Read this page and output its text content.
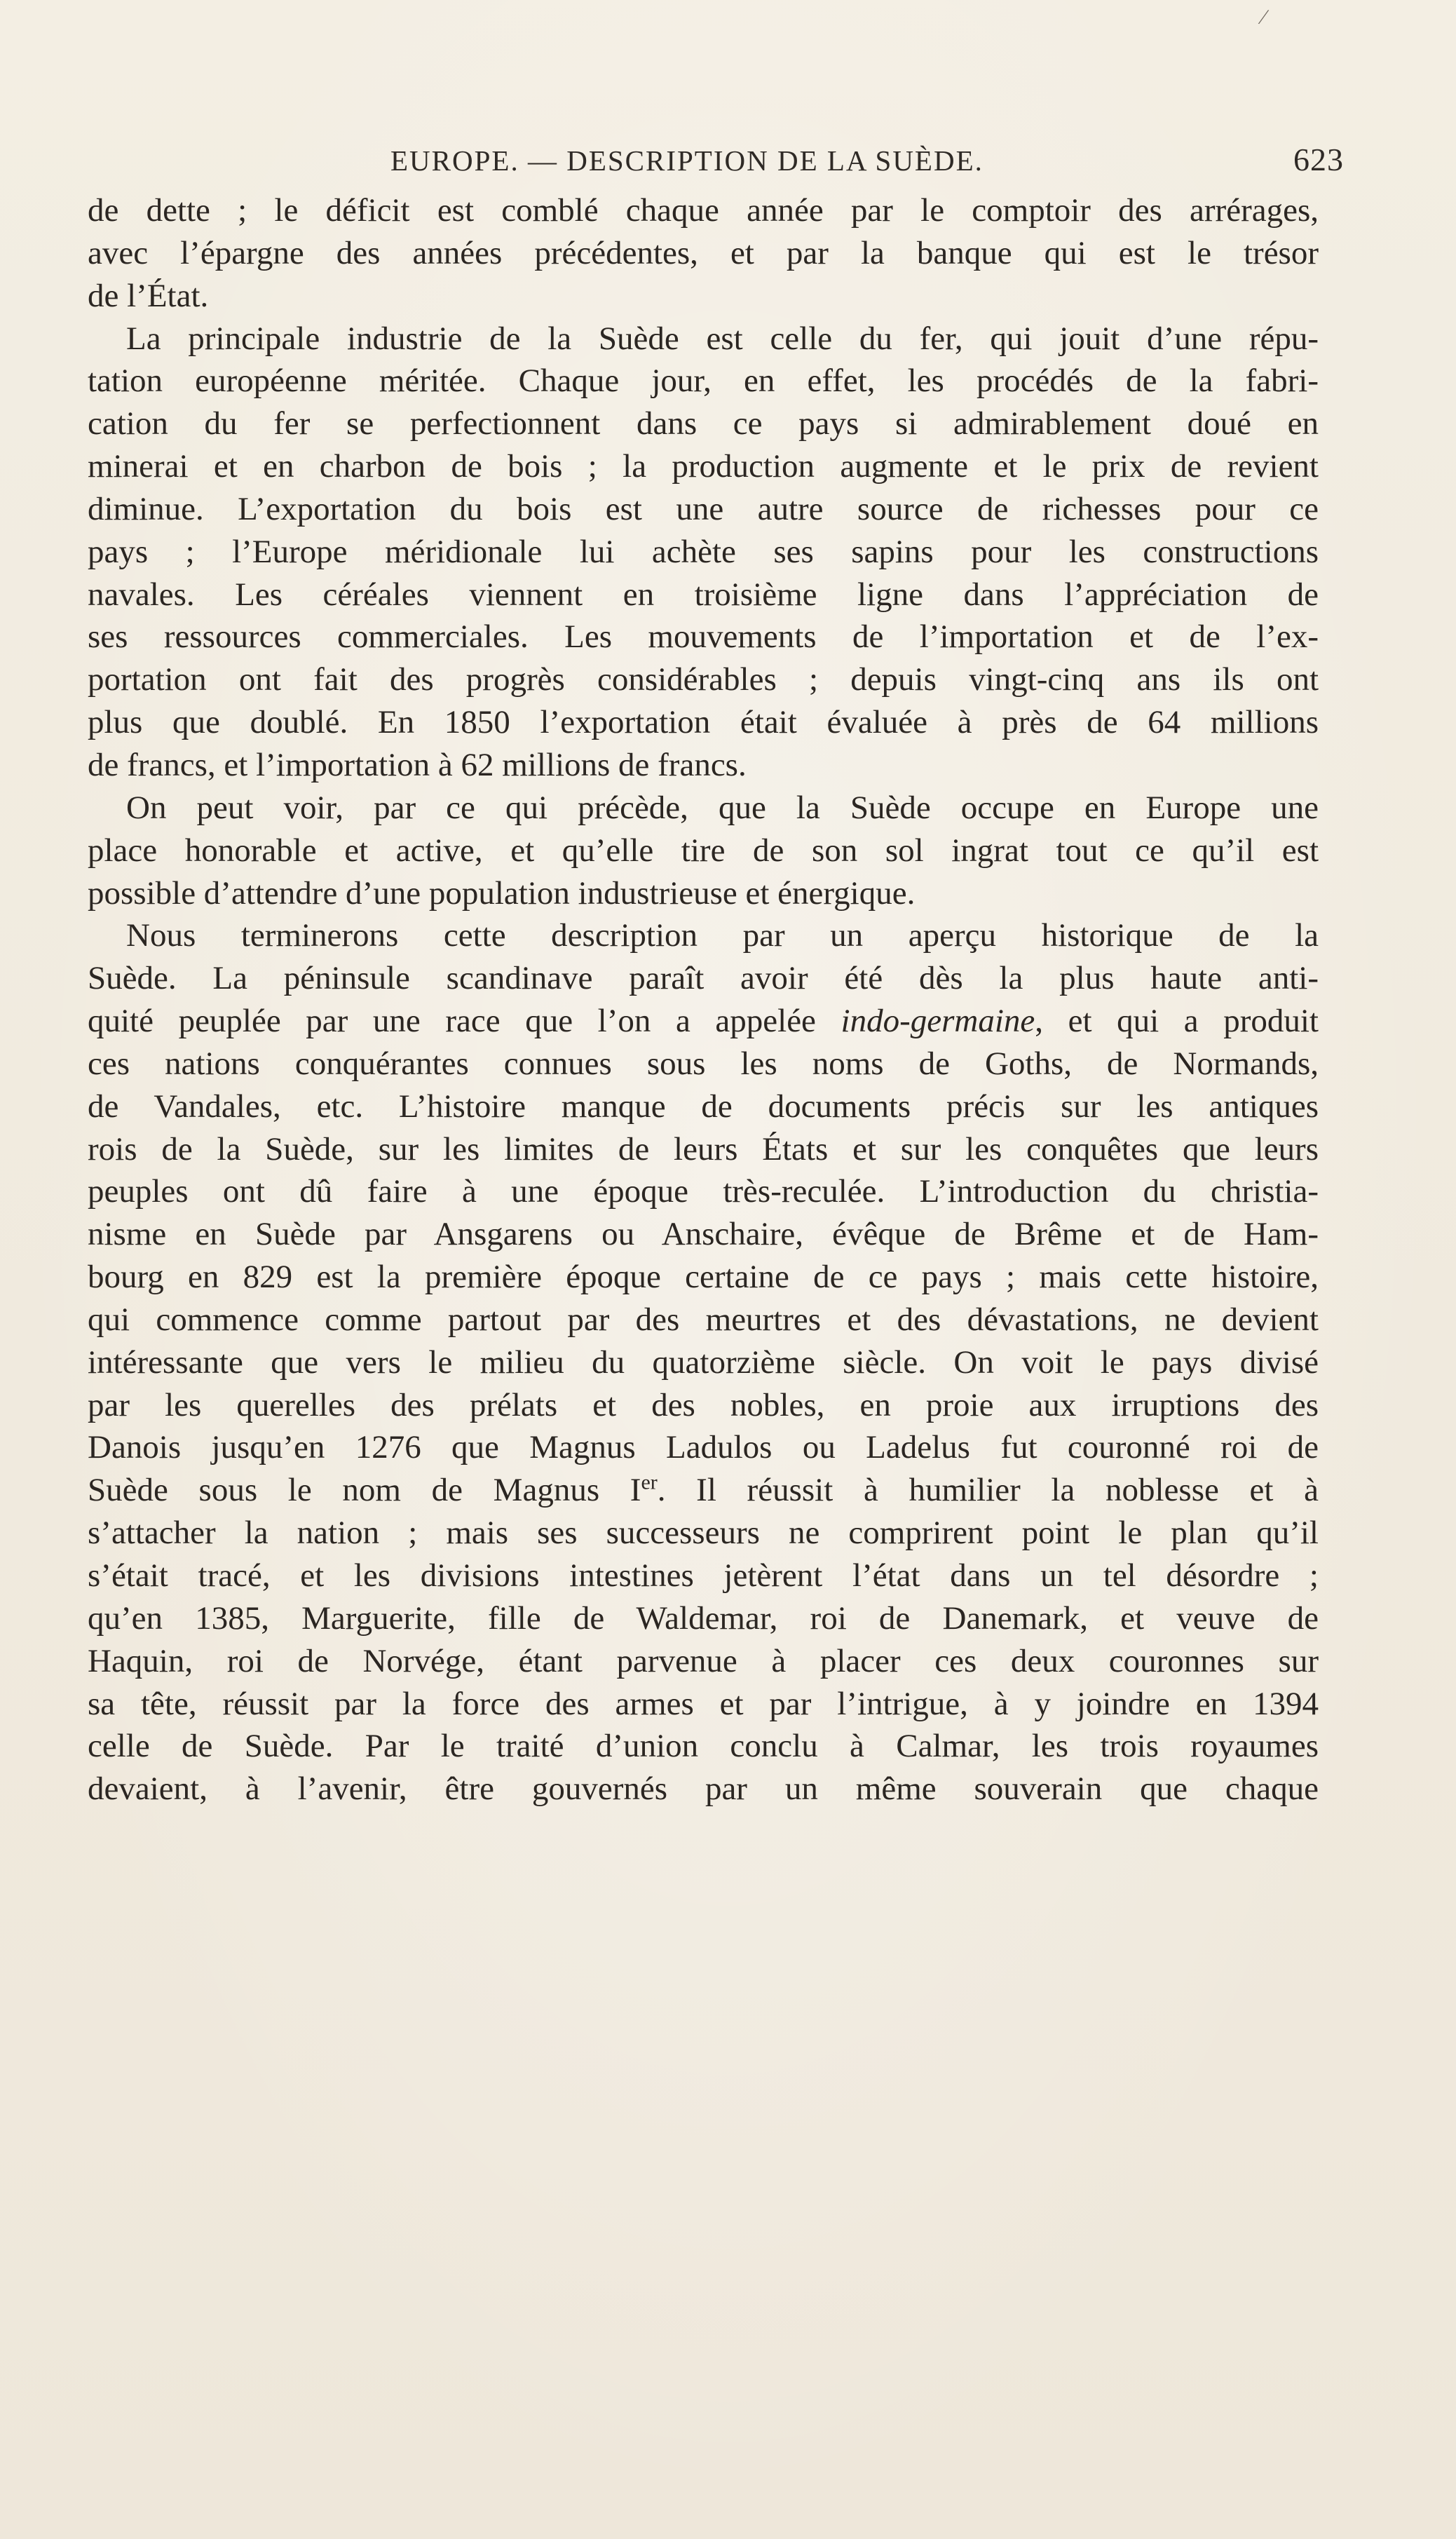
∕
EUROPE. — DESCRIPTION DE LA SUÈDE.	623
de dette ; le déficit est comblé chaque année par le comptoir des arrérages,
avec l’épargne des années précédentes, et par la banque qui est le trésor
de l’État.
La principale industrie de la Suède est celle du fer, qui jouit d’une répu-
tation européenne méritée. Chaque jour, en effet, les procédés de la fabri-
cation du fer se perfectionnent dans ce pays si admirablement doué en
minerai et en charbon de bois ; la production augmente et le prix de revient
diminue. L’exportation du bois est une autre source de richesses pour ce
pays ; l’Europe méridionale lui achète ses sapins pour les constructions
navales. Les céréales viennent en troisième ligne dans l’appréciation de
ses ressources commerciales. Les mouvements de l’importation et de l’ex-
portation ont fait des progrès considérables ; depuis vingt-cinq ans ils ont
plus que doublé. En 1850 l’exportation était évaluée à près de 64 millions
de francs, et l’importation à 62 millions de francs.
On peut voir, par ce qui précède, que la Suède occupe en Europe une
place honorable et active, et qu’elle tire de son sol ingrat tout ce qu’il est
possible d’attendre d’une population industrieuse et énergique.
Nous terminerons cette description par un aperçu historique de la
Suède. La péninsule scandinave paraît avoir été dès la plus haute anti-
quité peuplée par une race que l’on a appelée indo-germaine, et qui a produit
ces nations conquérantes connues sous les noms de Goths, de Normands,
de Vandales, etc. L’histoire manque de documents précis sur les antiques
rois de la Suède, sur les limites de leurs États et sur les conquêtes que leurs
peuples ont dû faire à une époque très-reculée. L’introduction du christia-
nisme en Suède par Ansgarens ou Anschaire, évêque de Brême et de Ham-
bourg en 829 est la première époque certaine de ce pays ; mais cette histoire,
qui commence comme partout par des meurtres et des dévastations, ne devient
intéressante que vers le milieu du quatorzième siècle. On voit le pays divisé
par les querelles des prélats et des nobles, en proie aux irruptions des
Danois jusqu’en 1276 que Magnus Ladulos ou Ladelus fut couronné roi de
Suède sous le nom de Magnus Ier. Il réussit à humilier la noblesse et à
s’attacher la nation ; mais ses successeurs ne comprirent point le plan qu’il
s’était tracé, et les divisions intestines jetèrent l’état dans un tel désordre ;
qu’en 1385, Marguerite, fille de Waldemar, roi de Danemark, et veuve de
Haquin, roi de Norvége, étant parvenue à placer ces deux couronnes sur
sa tête, réussit par la force des armes et par l’intrigue, à y joindre en 1394
celle de Suède. Par le traité d’union conclu à Calmar, les trois royaumes
devaient, à l’avenir, être gouvernés par un même souverain que chaque
